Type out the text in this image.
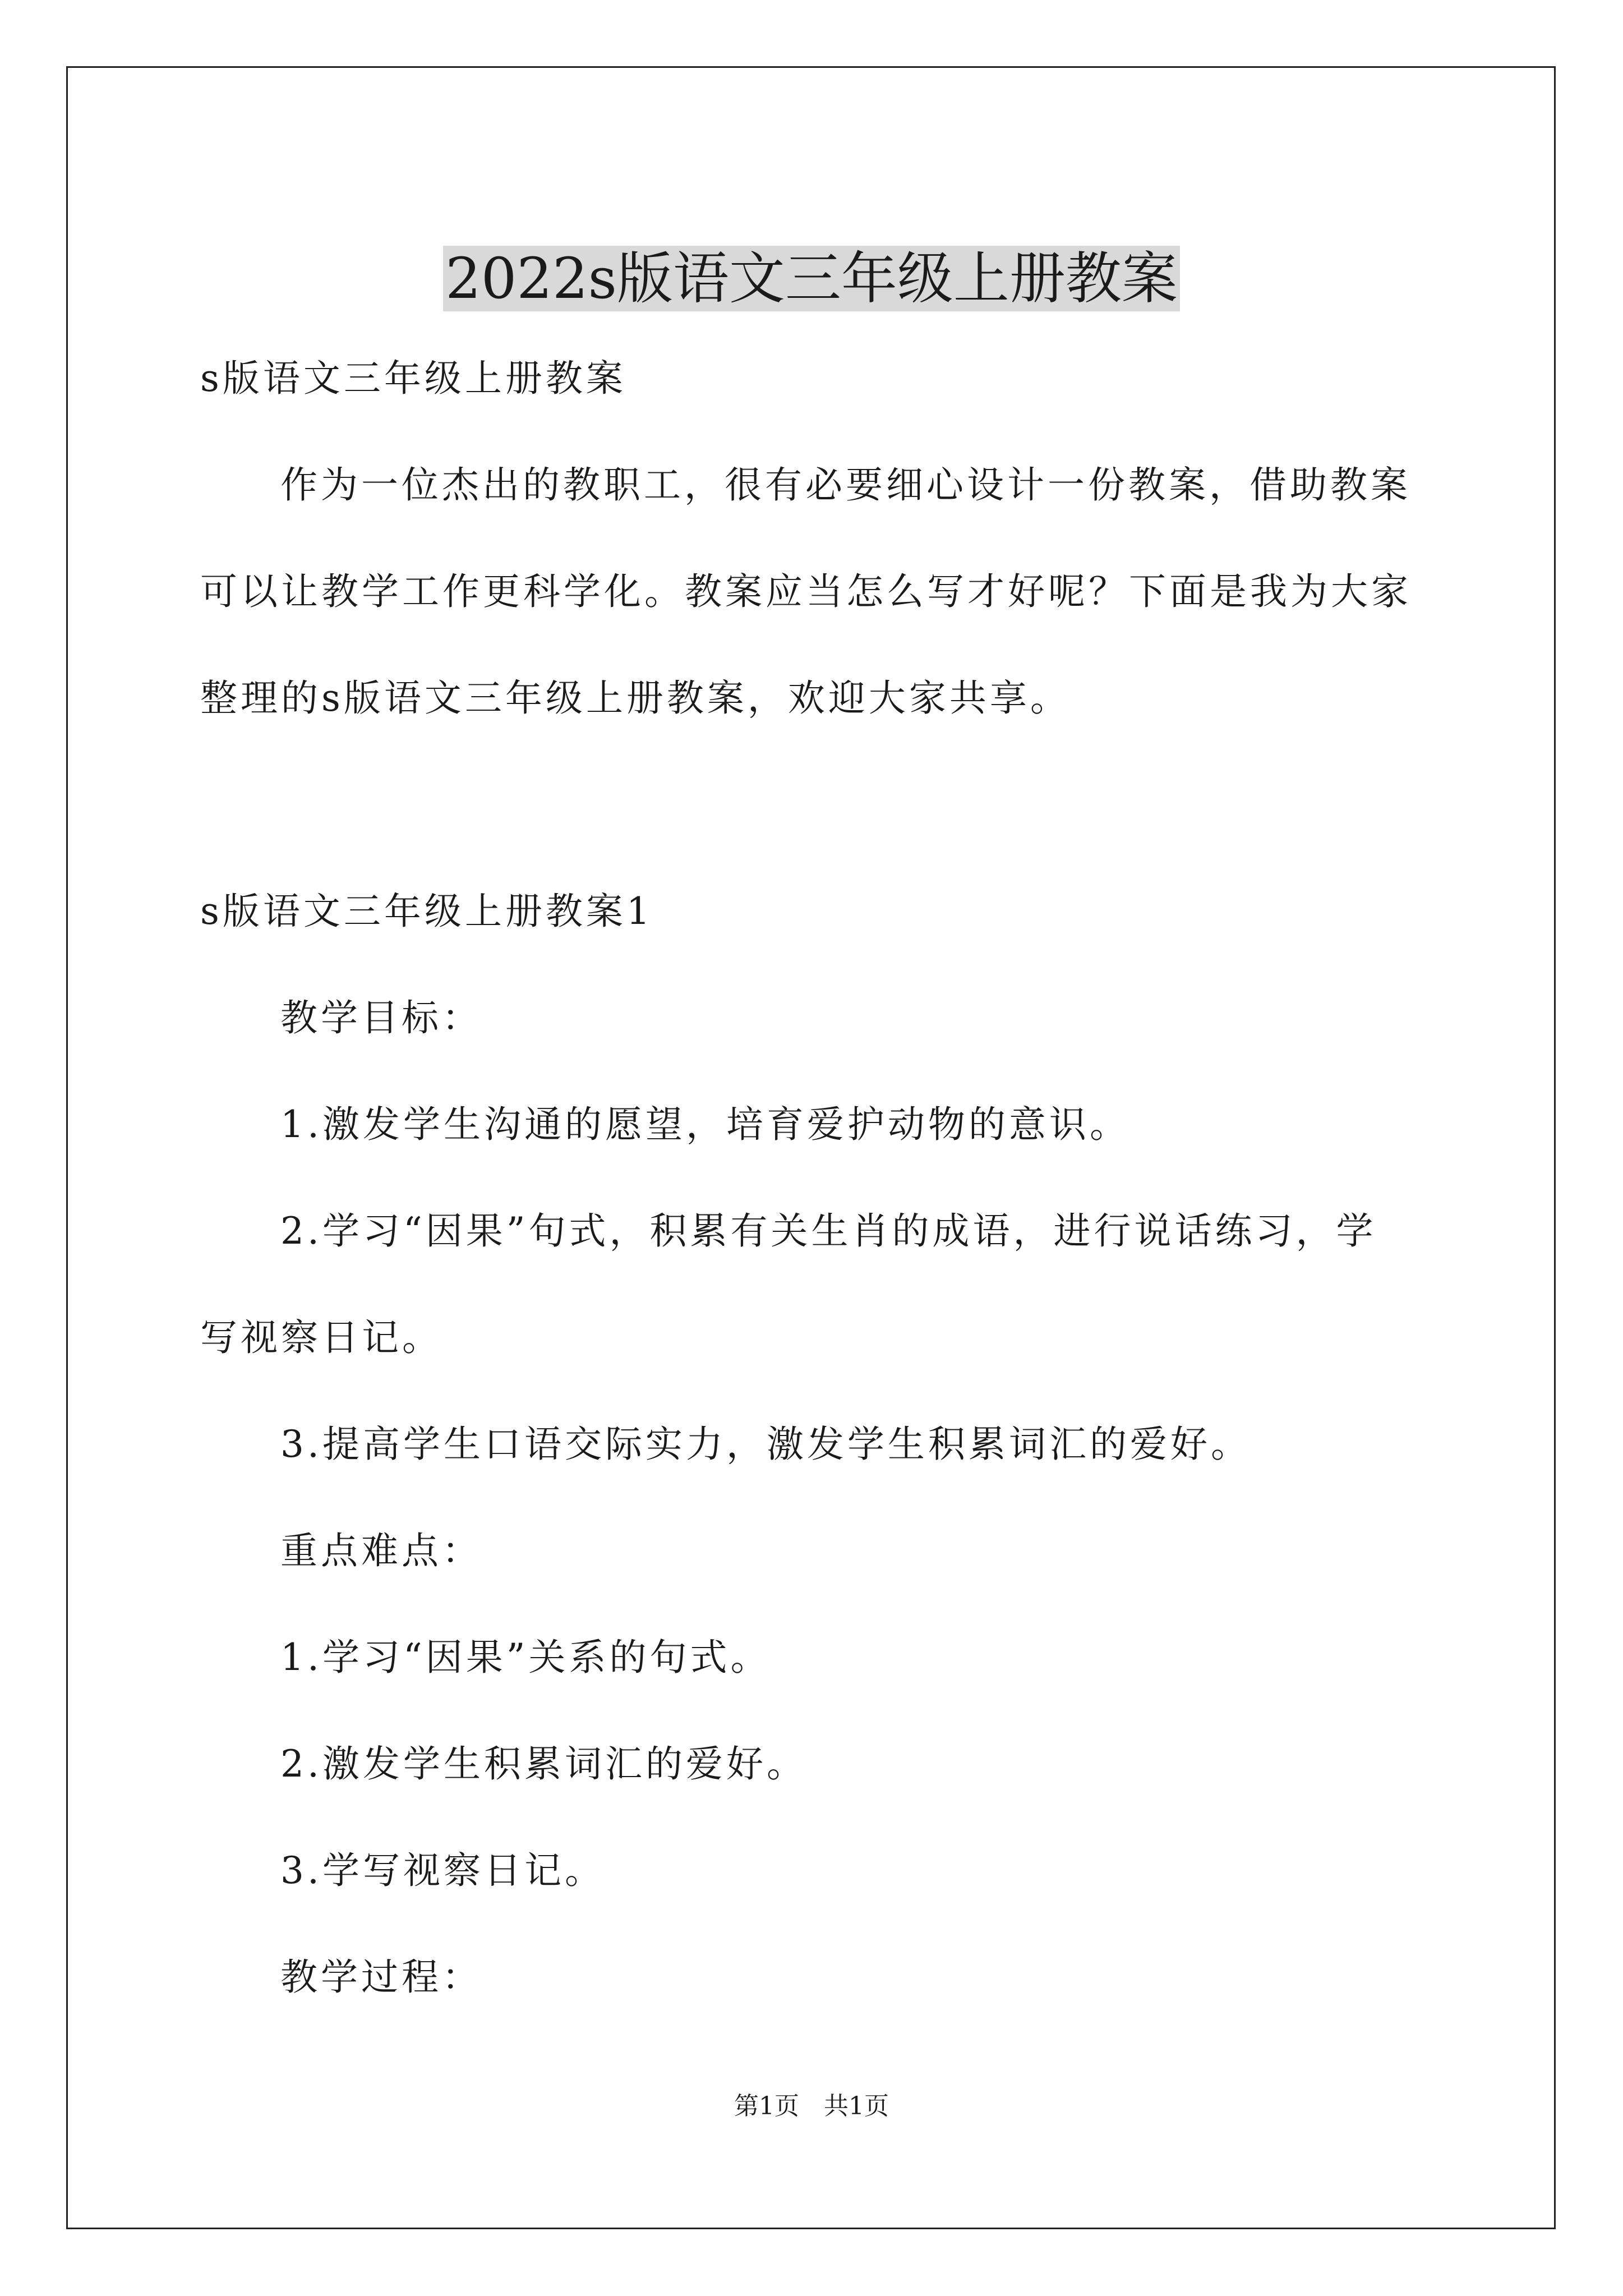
2022s版语文三年级上册教案
s版语文三年级上册教案
作为一位杰出的教职工，很有必要细心设计一份教案，借助教案
可以让教学工作更科学化。教案应当怎么写才好呢？下面是我为大家
整理的s版语文三年级上册教案，欢迎大家共享。
s版语文三年级上册教案1
教学目标：
1.激发学生沟通的愿望，培育爱护动物的意识。
2.学习“因果”句式，积累有关生肖的成语，进行说话练习，学
写视察日记。
3.提高学生口语交际实力，激发学生积累词汇的爱好。
重点难点：
1.学习“因果”关系的句式。
2.激发学生积累词汇的爱好。
3.学写视察日记。
教学过程：
第1页 共1页
